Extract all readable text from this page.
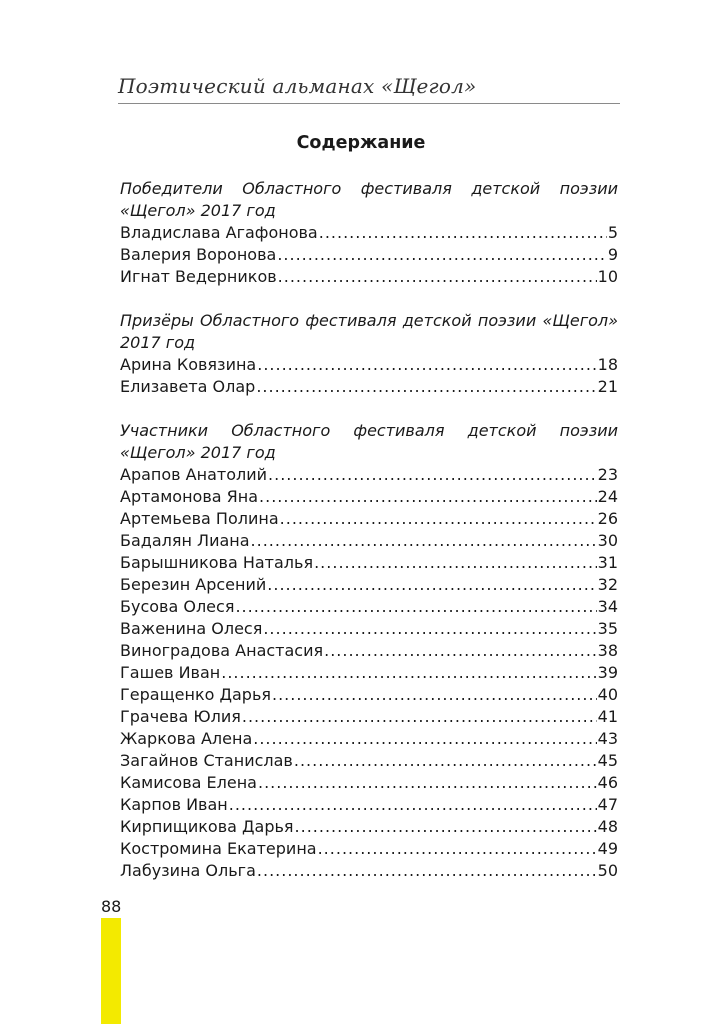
Поэтический альманах «Щегол»
Содержание
Победители Областного фестиваля детской поэзии «Щегол» 2017 год
Владислава Агафонова .....	5
Валерия Воронова .....	9
Игнат Ведерников .....	10
Призёры Областного фестиваля детской поэзии «Щегол» 2017 год
Арина Ковязина .....	18
Елизавета Олар .....	21
Участники Областного фестиваля детской поэзии «Щегол» 2017 год
Арапов Анатолий .....	23
Артамонова Яна .....	24
Артемьева Полина .....	26
Бадалян Лиана .....	30
Барышникова Наталья .....	31
Березин Арсений .....	32
Бусова Олеся .....	34
Важенина Олеся .....	35
Виноградова Анастасия .....	38
Гашев Иван .....	39
Геращенко Дарья .....	40
Грачева Юлия .....	41
Жаркова Алена .....	43
Загайнов Станислав .....	45
Камисова Елена .....	46
Карпов Иван .....	47
Кирпищикова Дарья .....	48
Костромина Екатерина .....	49
Лабузина Ольга .....	50
88
